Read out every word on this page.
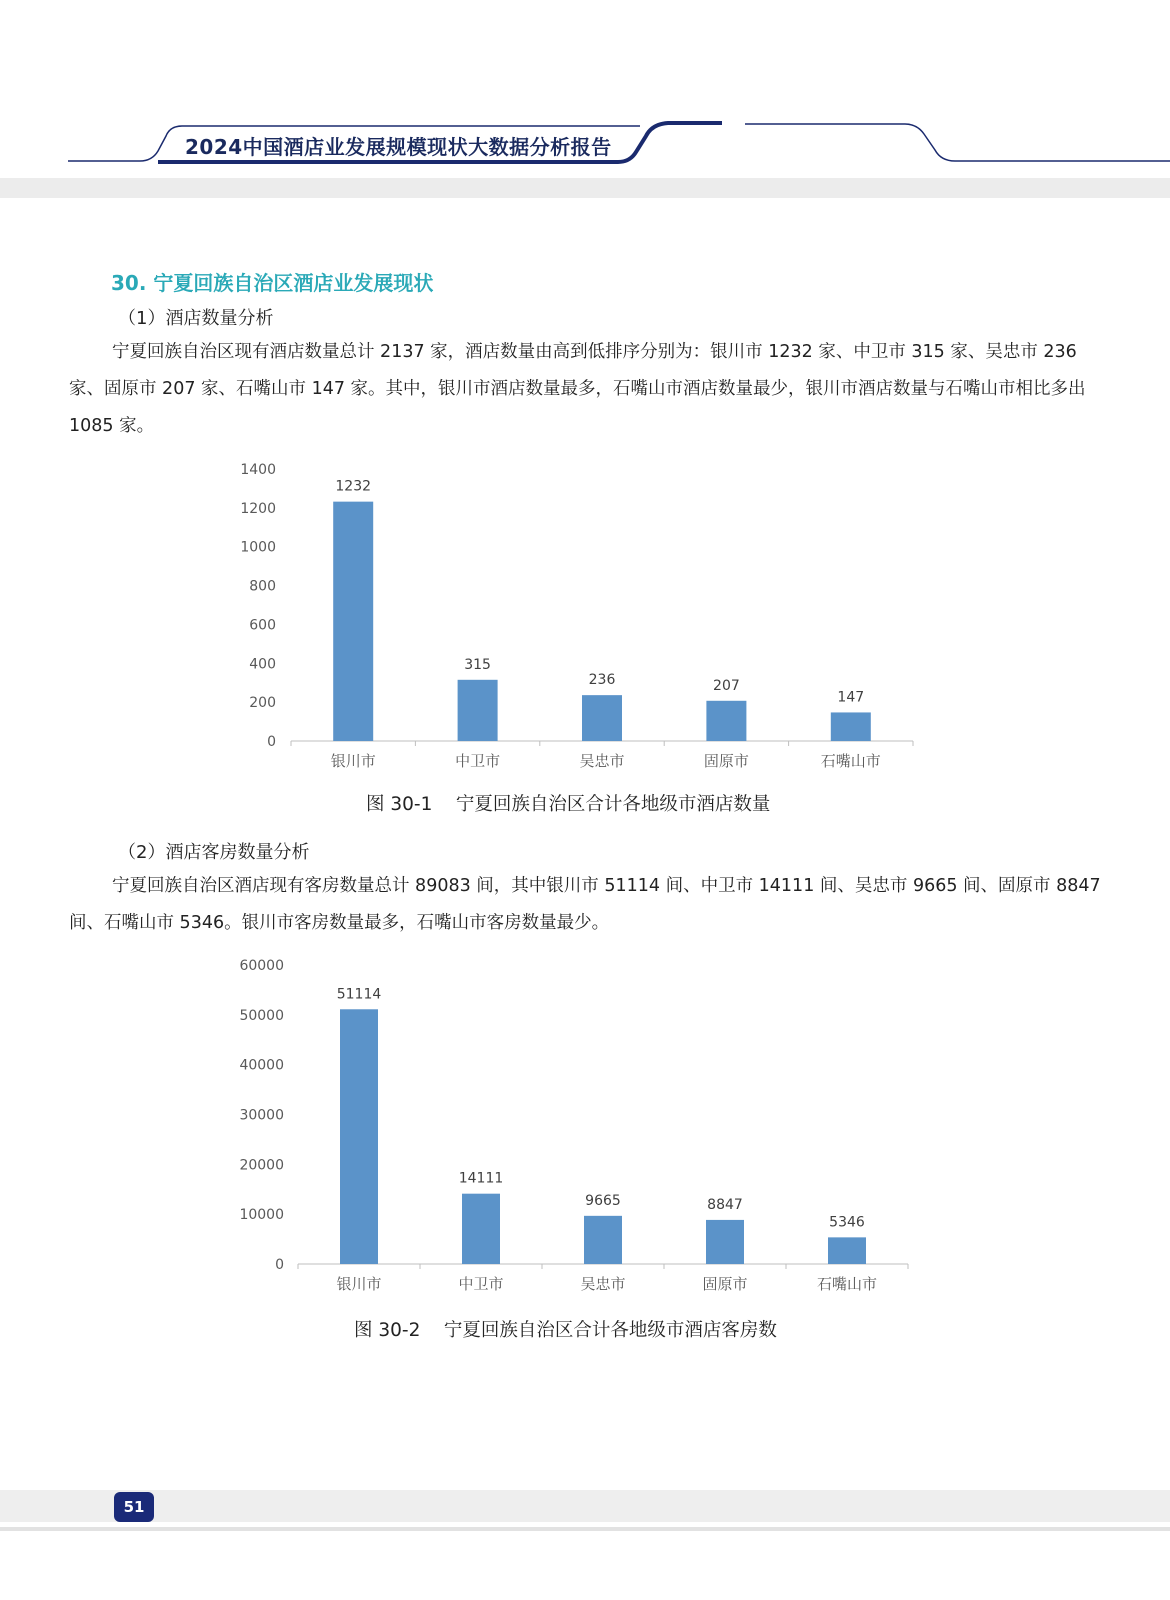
2024中国酒店业发展规模现状大数据分析报告
30. 宁夏回族自治区酒店业发展现状
（1）酒店数量分析

宁夏回族自治区现有酒店数量总计 2137 家，酒店数量由高到低排序分别为：银川市 1232 家、中卫市 315 家、吴忠市 236 家、固原市 207 家、石嘴山市 147 家。其中，银川市酒店数量最多，石嘴山市酒店数量最少，银川市酒店数量与石嘴山市相比多出 1085 家。

0
200
400
600
800
1000
1200
1400
1232
银川市
315
中卫市
236
吴忠市
207
固原市
147
石嘴山市
图 30-1    宁夏回族自治区合计各地级市酒店数量
（2）酒店客房数量分析

宁夏回族自治区酒店现有客房数量总计 89083 间，其中银川市 51114 间、中卫市 14111 间、吴忠市 9665 间、固原市 8847 间、石嘴山市 5346。银川市客房数量最多，石嘴山市客房数量最少。

0
10000
20000
30000
40000
50000
60000
51114
银川市
14111
中卫市
9665
吴忠市
8847
固原市
5346
石嘴山市
图 30-2    宁夏回族自治区合计各地级市酒店客房数
51
